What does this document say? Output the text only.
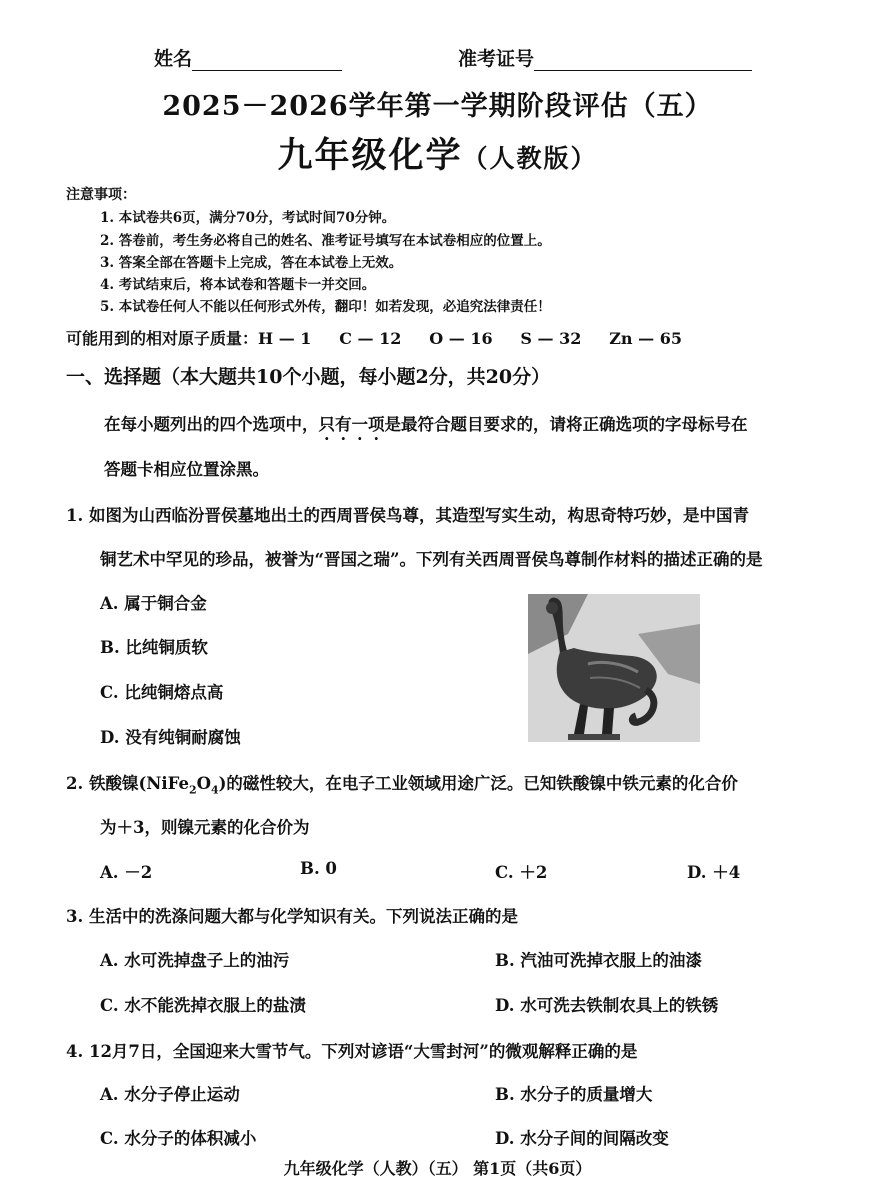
姓名	准考证号
2025－2026学年第一学期阶段评估（五）
九年级化学（人教版）
注意事项：
1. 本试卷共6页，满分70分，考试时间70分钟。
2. 答卷前，考生务必将自己的姓名、准考证号填写在本试卷相应的位置上。
3. 答案全部在答题卡上完成，答在本试卷上无效。
4. 考试结束后，将本试卷和答题卡一并交回。
5. 本试卷任何人不能以任何形式外传，翻印！如若发现，必追究法律责任！
可能用到的相对原子质量：H — 1     C — 12     O — 16     S — 32     Zn — 65
一、选择题（本大题共10个小题，每小题2分，共20分）
在每小题列出的四个选项中，只有一项是最符合题目要求的，请将正确选项的字母标号在
答题卡相应位置涂黑。
1. 如图为山西临汾晋侯墓地出土的西周晋侯鸟尊，其造型写实生动，构思奇特巧妙，是中国青
铜艺术中罕见的珍品，被誉为“晋国之瑞”。下列有关西周晋侯鸟尊制作材料的描述正确的是
A. 属于铜合金
B. 比纯铜质软
C. 比纯铜熔点高
D. 没有纯铜耐腐蚀
2. 铁酸镍$(NiFe_2O_4)$的磁性较大，在电子工业领域用途广泛。已知铁酸镍中铁元素的化合价
为＋3，则镍元素的化合价为
A. －2	B. 0	C. ＋2	D. ＋4
3. 生活中的洗涤问题大都与化学知识有关。下列说法正确的是
A. 水可洗掉盘子上的油污	B. 汽油可洗掉衣服上的油漆
C. 水不能洗掉衣服上的盐渍	D. 水可洗去铁制农具上的铁锈
4. 12月7日，全国迎来大雪节气。下列对谚语“大雪封河”的微观解释正确的是
A. 水分子停止运动	B. 水分子的质量增大
C. 水分子的体积减小	D. 水分子间的间隔改变
九年级化学（人教）（五） 第1页（共6页）
